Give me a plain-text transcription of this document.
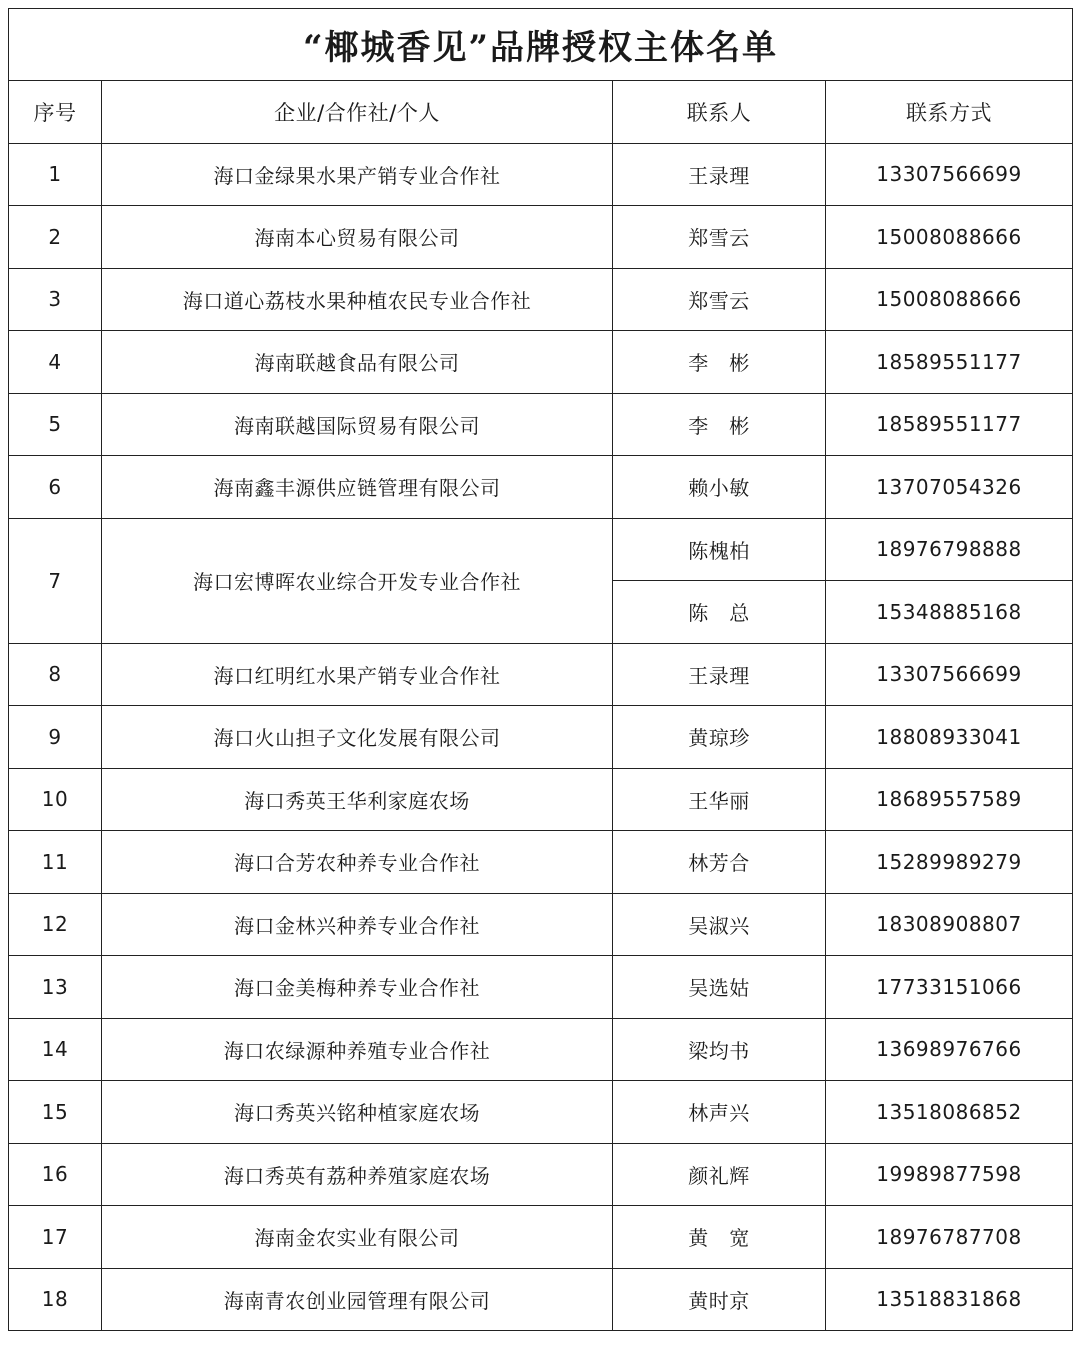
“椰城香见”品牌授权主体名单			
序号	企业/合作社/个人	联系人	联系方式
1	海口金绿果水果产销专业合作社	王录理	13307566699
2	海南本心贸易有限公司	郑雪云	15008088666
3	海口道心荔枝水果种植农民专业合作社	郑雪云	15008088666
4	海南联越食品有限公司	李　彬	18589551177
5	海南联越国际贸易有限公司	李　彬	18589551177
6	海南鑫丰源供应链管理有限公司	赖小敏	13707054326
7	海口宏博晖农业综合开发专业合作社	陈槐柏	18976798888
		陈　总	15348885168
8	海口红明红水果产销专业合作社	王录理	13307566699
9	海口火山担子文化发展有限公司	黄琼珍	18808933041
10	海口秀英王华利家庭农场	王华丽	18689557589
11	海口合芳农种养专业合作社	林芳合	15289989279
12	海口金林兴种养专业合作社	吴淑兴	18308908807
13	海口金美梅种养专业合作社	吴选姑	17733151066
14	海口农绿源种养殖专业合作社	梁均书	13698976766
15	海口秀英兴铭种植家庭农场	林声兴	13518086852
16	海口秀英有荔种养殖家庭农场	颜礼辉	19989877598
17	海南金农实业有限公司	黄　宽	18976787708
18	海南青农创业园管理有限公司	黄时京	13518831868
